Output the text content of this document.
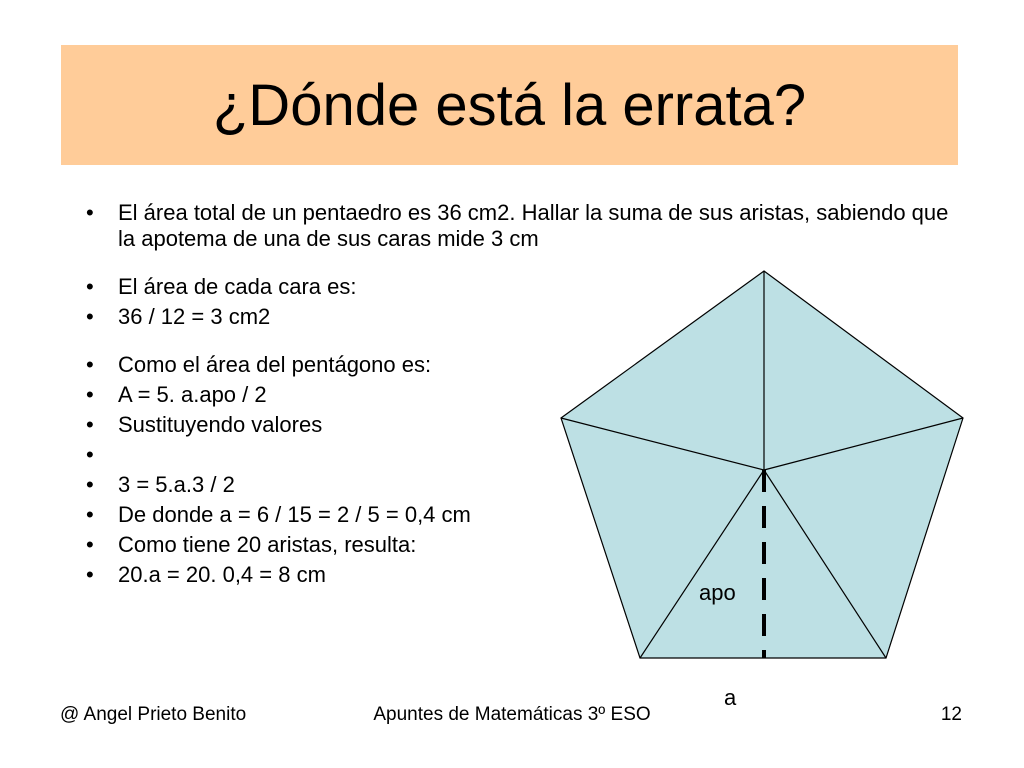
¿Dónde está la errata?
• El área total de un pentaedro es 36 cm2. Hallar la suma de sus aristas, sabiendo que la apotema de una de sus caras mide 3 cm
• El área de cada cara es:
• 36 / 12 = 3 cm2
• Como el área del pentágono es:
• A = 5. a.apo / 2
• Sustituyendo valores
•
• 3 = 5.a.3 / 2
• De donde a = 6 / 15 = 2 / 5 = 0,4 cm
• Como tiene 20 aristas, resulta:
• 20.a = 20. 0,4 = 8 cm
apo
a
@ Angel Prieto Benito	Apuntes de Matemáticas 3º ESO	12
